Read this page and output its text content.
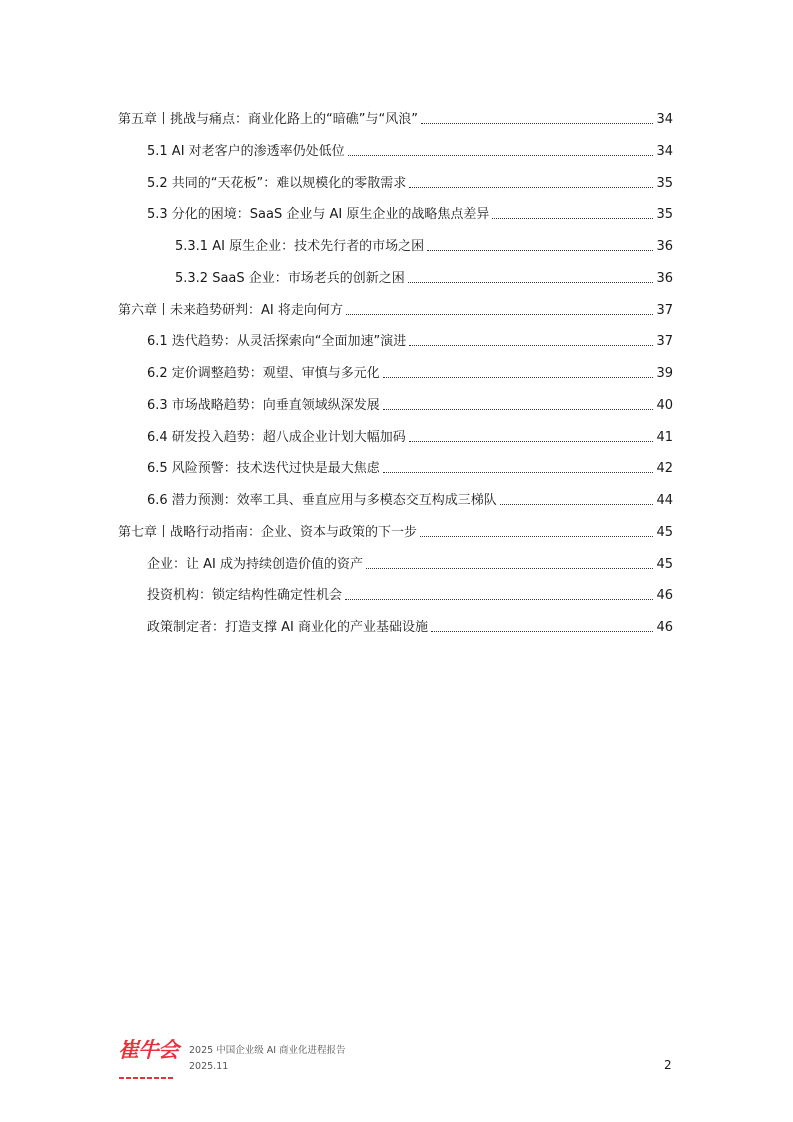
第五章丨挑战与痛点：商业化路上的“暗礁”与“风浪”	34
5.1 AI 对老客户的渗透率仍处低位	34
5.2 共同的“天花板”：难以规模化的零散需求	35
5.3 分化的困境：SaaS 企业与 AI 原生企业的战略焦点差异	35
5.3.1 AI 原生企业：技术先行者的市场之困	36
5.3.2 SaaS 企业：市场老兵的创新之困	36
第六章丨未来趋势研判：AI 将走向何方	37
6.1 迭代趋势：从灵活探索向“全面加速”演进	37
6.2 定价调整趋势：观望、审慎与多元化	39
6.3 市场战略趋势：向垂直领域纵深发展	40
6.4 研发投入趋势：超八成企业计划大幅加码	41
6.5 风险预警：技术迭代过快是最大焦虑	42
6.6 潜力预测：效率工具、垂直应用与多模态交互构成三梯队	44
第七章丨战略行动指南：企业、资本与政策的下一步	45
企业：让 AI 成为持续创造价值的资产	45
投资机构：锁定结构性确定性机会	46
政策制定者：打造支撑 AI 商业化的产业基础设施	46
崔牛会 2025 中国企业级 AI 商业化进程报告
2025.11	2
